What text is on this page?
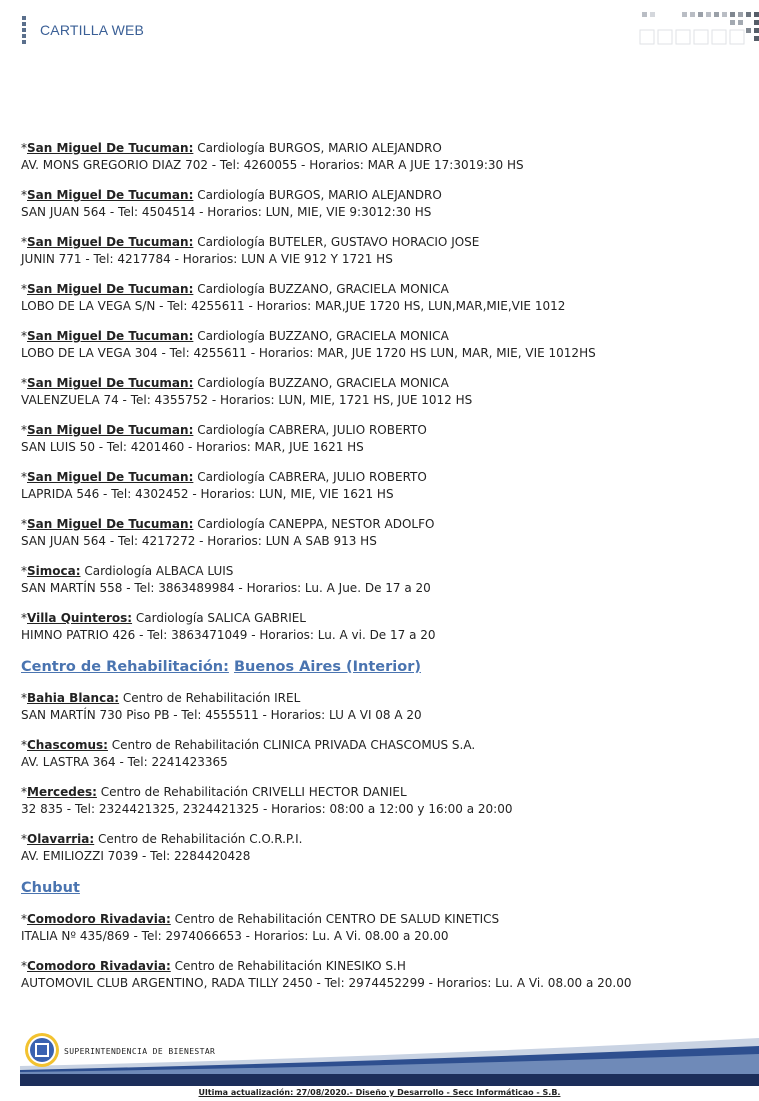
CARTILLA WEB
*San Miguel De Tucuman: Cardiología BURGOS, MARIO ALEJANDRO
AV. MONS GREGORIO DIAZ 702 - Tel: 4260055 - Horarios: MAR A JUE 17:3019:30 HS
*San Miguel De Tucuman: Cardiología BURGOS, MARIO ALEJANDRO
SAN JUAN 564 - Tel: 4504514 - Horarios: LUN, MIE, VIE 9:3012:30 HS
*San Miguel De Tucuman: Cardiología BUTELER, GUSTAVO HORACIO JOSE
JUNIN 771 - Tel: 4217784 - Horarios: LUN A VIE 912 Y 1721 HS
*San Miguel De Tucuman: Cardiología BUZZANO, GRACIELA MONICA
LOBO DE LA VEGA S/N - Tel: 4255611 - Horarios: MAR,JUE 1720 HS, LUN,MAR,MIE,VIE 1012
*San Miguel De Tucuman: Cardiología BUZZANO, GRACIELA MONICA
LOBO DE LA VEGA 304 - Tel: 4255611 - Horarios: MAR, JUE 1720 HS LUN, MAR, MIE, VIE 1012HS
*San Miguel De Tucuman: Cardiología BUZZANO, GRACIELA MONICA
VALENZUELA 74 - Tel: 4355752 - Horarios: LUN, MIE, 1721 HS, JUE 1012 HS
*San Miguel De Tucuman: Cardiología CABRERA, JULIO ROBERTO
SAN LUIS 50 - Tel: 4201460 - Horarios: MAR, JUE 1621 HS
*San Miguel De Tucuman: Cardiología CABRERA, JULIO ROBERTO
LAPRIDA 546 - Tel: 4302452 - Horarios: LUN, MIE, VIE 1621 HS
*San Miguel De Tucuman: Cardiología CANEPPA, NESTOR ADOLFO
SAN JUAN 564 - Tel: 4217272 - Horarios: LUN A SAB 913 HS
*Simoca: Cardiología ALBACA LUIS
SAN MARTÍN 558 - Tel: 3863489984 - Horarios: Lu. A Jue. De 17 a 20
*Villa Quinteros: Cardiología SALICA GABRIEL
HIMNO PATRIO 426 - Tel: 3863471049 - Horarios: Lu. A vi. De 17 a 20
Centro de Rehabilitación: Buenos Aires (Interior)
*Bahia Blanca: Centro de Rehabilitación IREL
SAN MARTÍN 730 Piso PB - Tel: 4555511 - Horarios: LU A VI 08 A 20
*Chascomus: Centro de Rehabilitación CLINICA PRIVADA CHASCOMUS S.A.
AV. LASTRA 364 - Tel: 2241423365
*Mercedes: Centro de Rehabilitación CRIVELLI HECTOR DANIEL
32 835 - Tel: 2324421325, 2324421325 - Horarios: 08:00 a 12:00 y 16:00 a 20:00
*Olavarria: Centro de Rehabilitación C.O.R.P.I.
AV. EMILIOZZI 7039 - Tel: 2284420428
Chubut
*Comodoro Rivadavia: Centro de Rehabilitación CENTRO DE SALUD KINETICS
ITALIA Nº 435/869 - Tel: 2974066653 - Horarios: Lu. A Vi. 08.00 a 20.00
*Comodoro Rivadavia: Centro de Rehabilitación KINESIKO S.H
AUTOMOVIL CLUB ARGENTINO, RADA TILLY 2450 - Tel: 2974452299 - Horarios: Lu. A Vi. 08.00 a 20.00
SUPERINTENDENCIA DE BIENESTAR
Ultima actualización: 27/08/2020.- Diseño y Desarrollo - Secc Informáticao - S.B.
